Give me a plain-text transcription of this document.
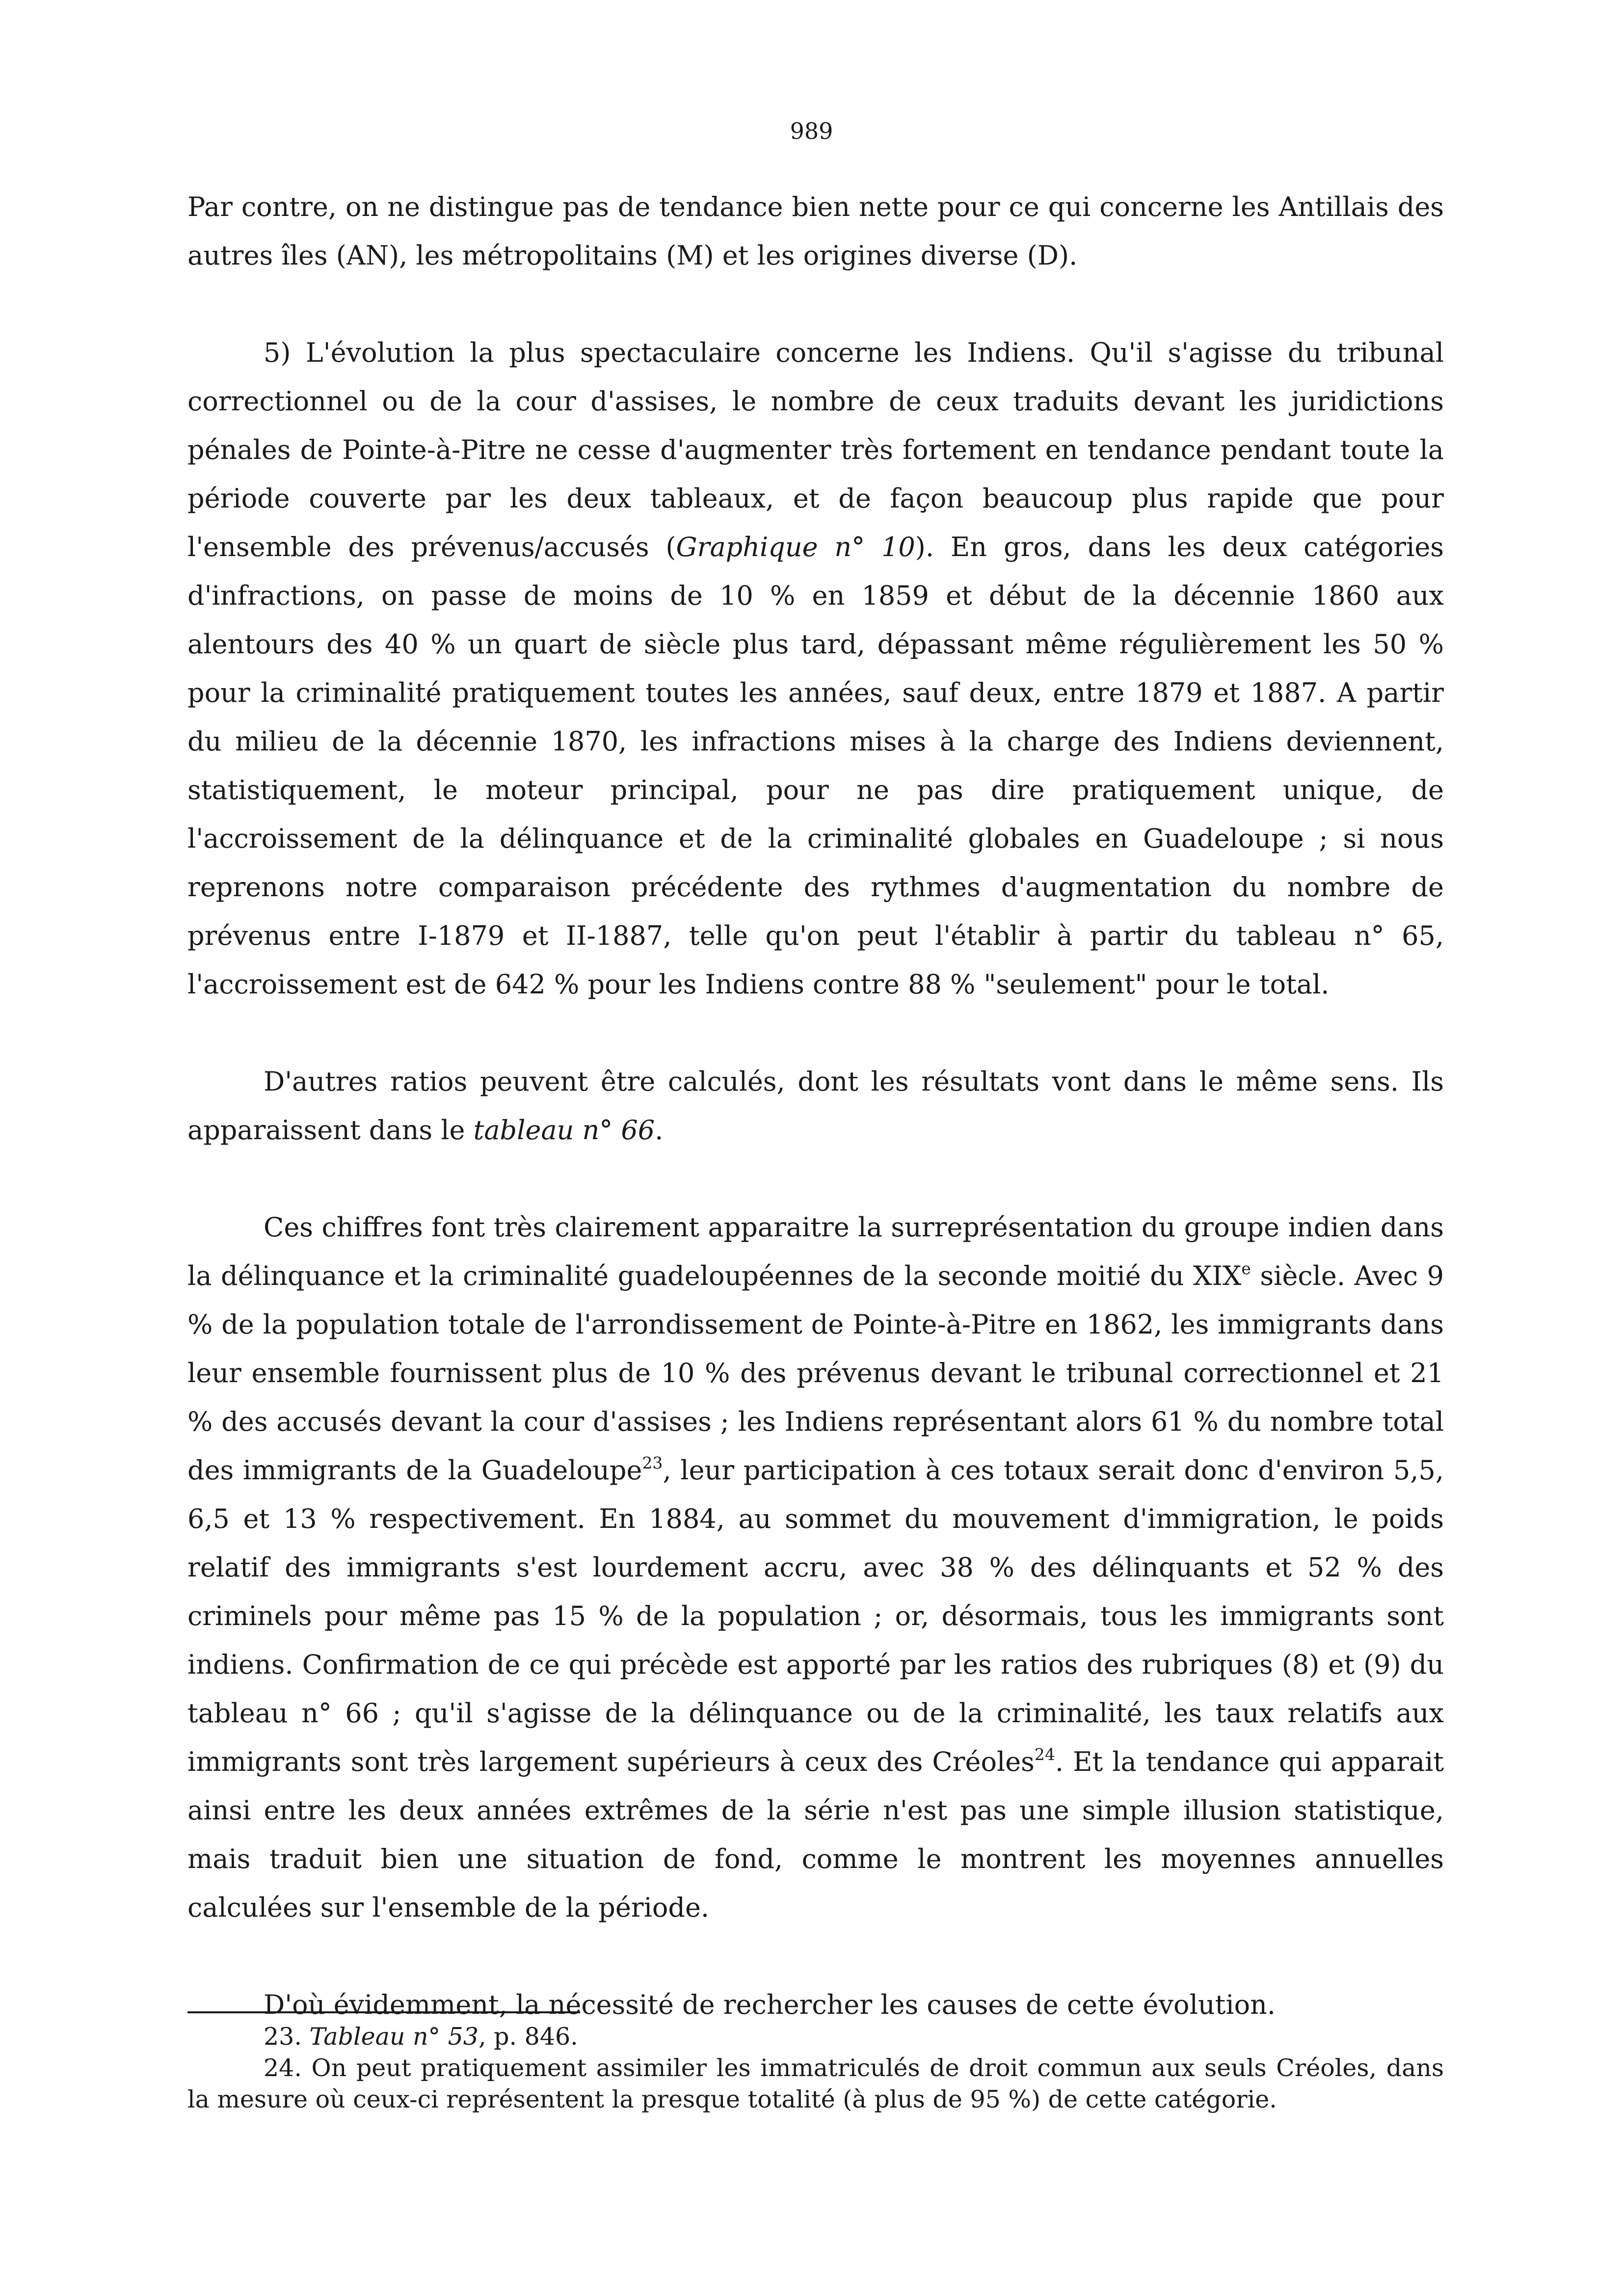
989

Par contre, on ne distingue pas de tendance bien nette pour ce qui concerne les Antillais des autres îles (AN), les métropolitains (M) et les origines diverse (D).

5) L'évolution la plus spectaculaire concerne les Indiens. Qu'il s'agisse du tribunal correctionnel ou de la cour d'assises, le nombre de ceux traduits devant les juridictions pénales de Pointe-à-Pitre ne cesse d'augmenter très fortement en tendance pendant toute la période couverte par les deux tableaux, et de façon beaucoup plus rapide que pour l'ensemble des prévenus/accusés (Graphique n° 10). En gros, dans les deux catégories d'infractions, on passe de moins de 10 % en 1859 et début de la décennie 1860 aux alentours des 40 % un quart de siècle plus tard, dépassant même régulièrement les 50 % pour la criminalité pratiquement toutes les années, sauf deux, entre 1879 et 1887. A partir du milieu de la décennie 1870, les infractions mises à la charge des Indiens deviennent, statistiquement, le moteur principal, pour ne pas dire pratiquement unique, de l'accroissement de la délinquance et de la criminalité globales en Guadeloupe ; si nous reprenons notre comparaison précédente des rythmes d'augmentation du nombre de prévenus entre I-1879 et II-1887, telle qu'on peut l'établir à partir du tableau n° 65, l'accroissement est de 642 % pour les Indiens contre 88 % "seulement" pour le total.

D'autres ratios peuvent être calculés, dont les résultats vont dans le même sens. Ils apparaissent dans le tableau n° 66.

Ces chiffres font très clairement apparaitre la surreprésentation du groupe indien dans la délinquance et la criminalité guadeloupéennes de la seconde moitié du XIXe siècle. Avec 9 % de la population totale de l'arrondissement de Pointe-à-Pitre en 1862, les immigrants dans leur ensemble fournissent plus de 10 % des prévenus devant le tribunal correctionnel et 21 % des accusés devant la cour d'assises ; les Indiens représentant alors 61 % du nombre total des immigrants de la Guadeloupe$^{23}$, leur participation à ces totaux serait donc d'environ 5,5, 6,5 et 13 % respectivement. En 1884, au sommet du mouvement d'immigration, le poids relatif des immigrants s'est lourdement accru, avec 38 % des délinquants et 52 % des criminels pour même pas 15 % de la population ; or, désormais, tous les immigrants sont indiens. Confirmation de ce qui précède est apporté par les ratios des rubriques (8) et (9) du tableau n° 66 ; qu'il s'agisse de la délinquance ou de la criminalité, les taux relatifs aux immigrants sont très largement supérieurs à ceux des Créoles$^{24}$. Et la tendance qui apparait ainsi entre les deux années extrêmes de la série n'est pas une simple illusion statistique, mais traduit bien une situation de fond, comme le montrent les moyennes annuelles calculées sur l'ensemble de la période.

D'où évidemment, la nécessité de rechercher les causes de cette évolution.

23. Tableau n° 53, p. 846.

24. On peut pratiquement assimiler les immatriculés de droit commun aux seuls Créoles, dans la mesure où ceux-ci représentent la presque totalité (à plus de 95 %) de cette catégorie.
